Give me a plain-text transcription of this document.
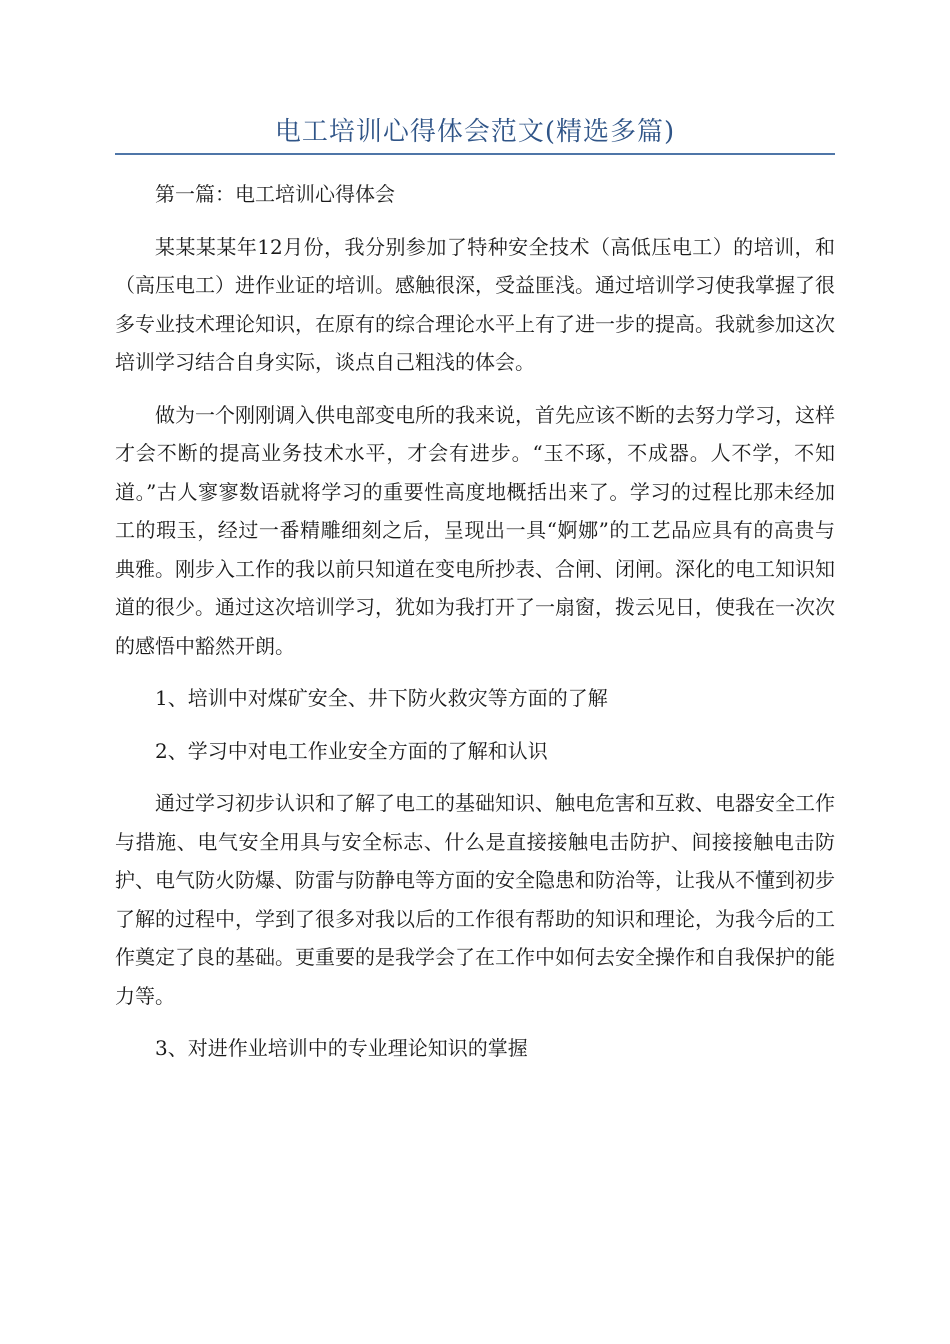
电工培训心得体会范文(精选多篇)

第一篇：电工培训心得体会

某某某某年12月份，我分别参加了特种安全技术（高低压电工）的培训，和（高压电工）进作业证的培训。感触很深，受益匪浅。通过培训学习使我掌握了很多专业技术理论知识，在原有的综合理论水平上有了进一步的提高。我就参加这次培训学习结合自身实际，谈点自己粗浅的体会。

做为一个刚刚调入供电部变电所的我来说，首先应该不断的去努力学习，这样才会不断的提高业务技术水平，才会有进步。“玉不琢，不成器。人不学，不知道。”古人寥寥数语就将学习的重要性高度地概括出来了。学习的过程比那未经加工的瑕玉，经过一番精雕细刻之后，呈现出一具“婀娜”的工艺品应具有的高贵与典雅。刚步入工作的我以前只知道在变电所抄表、合闸、闭闸。深化的电工知识知道的很少。通过这次培训学习，犹如为我打开了一扇窗，拨云见日，使我在一次次的感悟中豁然开朗。

1、培训中对煤矿安全、井下防火救灾等方面的了解

2、学习中对电工作业安全方面的了解和认识

通过学习初步认识和了解了电工的基础知识、触电危害和互救、电器安全工作与措施、电气安全用具与安全标志、什么是直接接触电击防护、间接接触电击防护、电气防火防爆、防雷与防静电等方面的安全隐患和防治等，让我从不懂到初步了解的过程中，学到了很多对我以后的工作很有帮助的知识和理论，为我今后的工作奠定了良的基础。更重要的是我学会了在工作中如何去安全操作和自我保护的能力等。

3、对进作业培训中的专业理论知识的掌握
